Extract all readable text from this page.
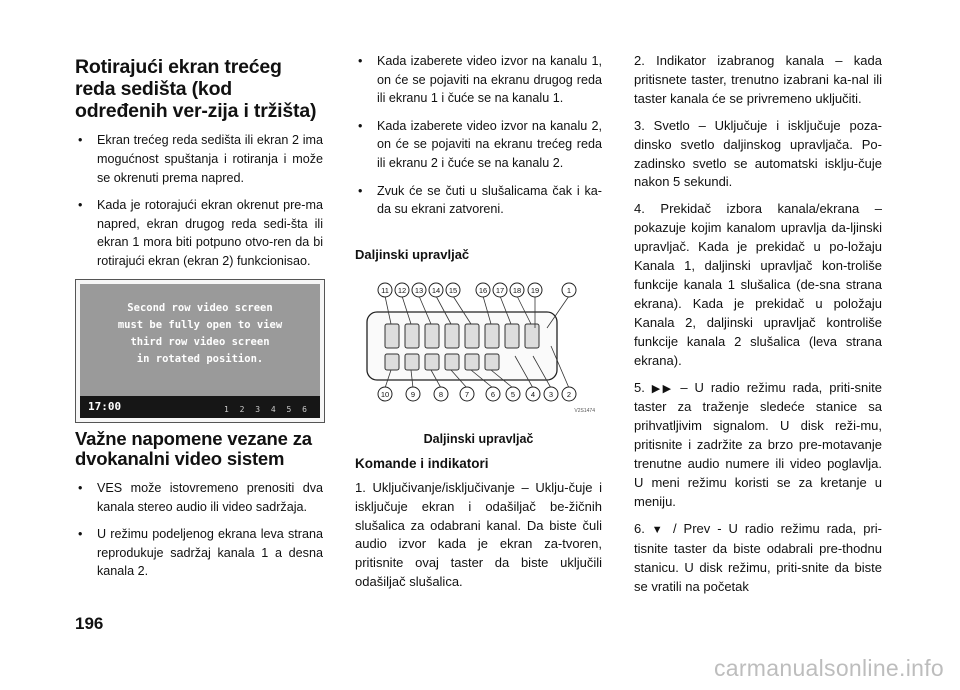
Rotirajući ekran trećeg reda sedišta (kod određenih ver-zija i tržišta)
• Ekran trećeg reda sedišta ili ekran 2 ima mogućnost spuštanja i rotiranja i može se okrenuti prema napred.
• Kada je rotorajući ekran okrenut pre-ma napred, ekran drugog reda sedi-šta ili ekran 1 mora biti potpuno otvo-ren da bi rotirajući ekran (ekran 2) funkcionisao.
Second row video screen
must be fully open to view
third row video screen
in rotated position.
17:00	1 2 3 4 5 6
Važne napomene vezane za dvokanalni video sistem
• VES može istovremeno prenositi dva kanala stereo audio ili video sadržaja.
• U režimu podeljenog ekrana leva strana reprodukuje sadržaj kanala 1 a desna kanala 2.
• Kada izaberete video izvor na kanalu 1, on će se pojaviti na ekranu drugog reda ili ekranu 1 i čuće se na kanalu 1.
• Kada izaberete video izvor na kanalu 2, on će se pojaviti na ekranu trećeg reda ili ekranu 2 i čuće se na kanalu 2.
• Zvuk će se čuti u slušalicama čak i ka-da su ekrani zatvoreni.
Daljinski upravljač
11 12 13 14 15	16 17 18 19	1
10	9	8	7	6 5 4 3 2
V2S1474
Daljinski upravljač
Komande i indikatori

1. Uključivanje/isključivanje – Uklju-čuje i isključuje ekran i odašiljač be-žičnih slušalica za odabrani kanal. Da biste čuli audio izvor kada je ekran za-tvoren, pritisnite ovaj taster da biste uključili odašiljač slušalica.

2. Indikator izabranog kanala – kada pritisnete taster, trenutno izabrani ka-nal ili taster kanala će se privremeno uključiti.

3. Svetlo – Uključuje i isključuje poza-dinsko svetlo daljinskog upravljača. Po-zadinsko svetlo se automatski isklju-čuje nakon 5 sekundi.

4. Prekidač izbora kanala/ekrana – pokazuje kojim kanalom upravlja da-ljinski upravljač. Kada je prekidač u po-ložaju Kanala 1, daljinski upravljač kon-troliše funkcije kanala 1 slušalica (de-sna strana ekrana). Kada je prekidač u položaju Kanala 2, daljinski upravljač kontroliše funkcije kanala 2 slušalica (leva strana ekrana).

5. ▶▶ – U radio režimu rada, priti-snite taster za traženje sledeće stanice sa prihvatljivim signalom. U disk reži-mu, pritisnite i zadržite za brzo pre-motavanje trenutne audio numere ili video poglavlja. U meni režimu koristi se za kretanje u meniju.

6. ▼ / Prev - U radio režimu rada, pri-tisnite taster da biste odabrali pre-thodnu stanicu. U disk režimu, priti-snite da biste se vratili na početak

196
carmanualsonline.info
